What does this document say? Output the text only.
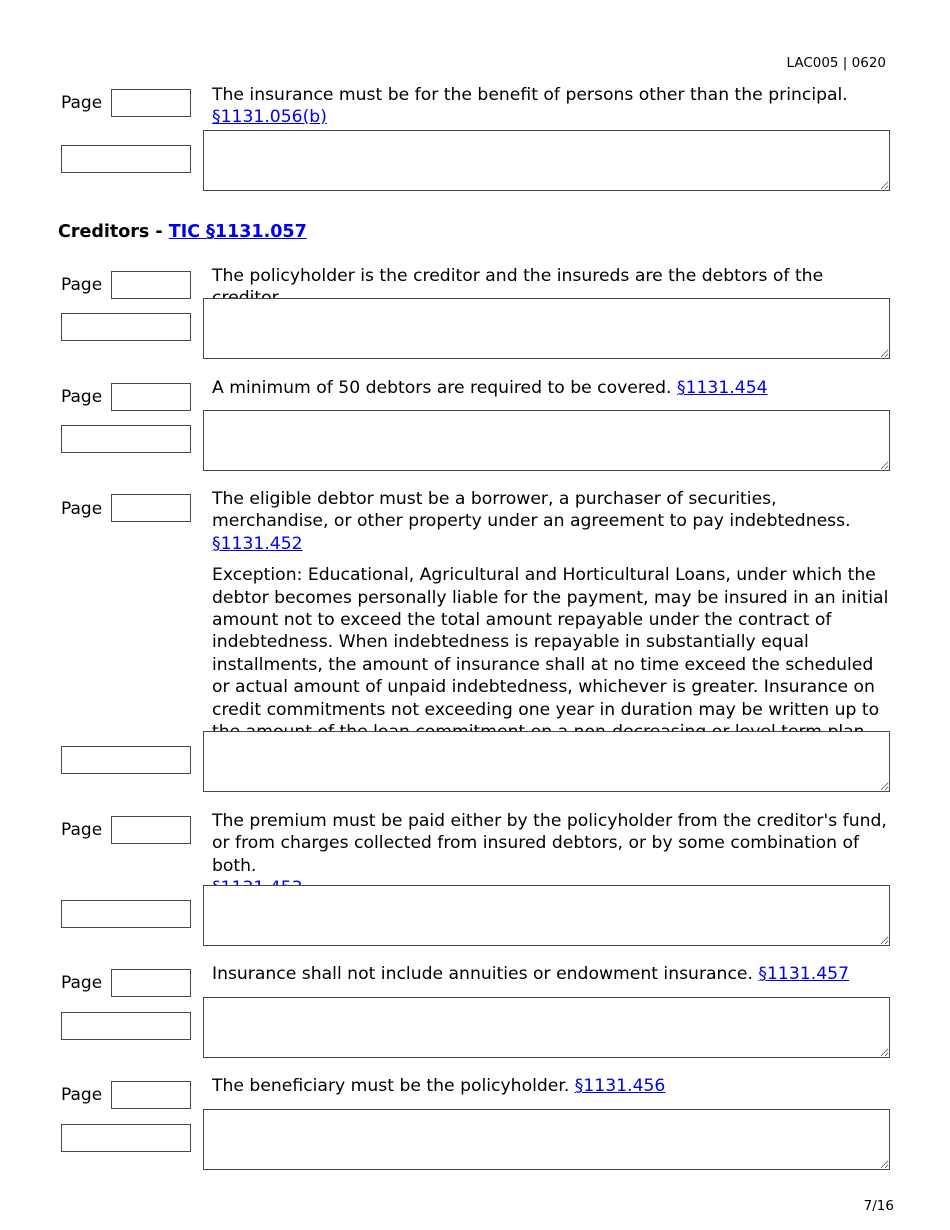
LAC005 | 0620
Page	The insurance must be for the benefit of persons other than the principal.
§1131.056(b)

Creditors - TIC §1131.057
Page	The policyholder is the creditor and the insureds are the debtors of the

Page	A minimum of 50 debtors are required to be covered. §1131.454

Page	The eligible debtor must be a borrower, a purchaser of securities, merchandise, or other property under an agreement to pay indebtedness. §1131.452

Exception: Educational, Agricultural and Horticultural Loans, under which the debtor becomes personally liable for the payment, may be insured in an initial amount not to exceed the total amount repayable under the contract of indebtedness. When indebtedness is repayable in substantially equal installments, the amount of insurance shall at no time exceed the scheduled or actual amount of unpaid indebtedness, whichever is greater. Insurance on credit commitments not exceeding one year in duration may be written up to

Page	The premium must be paid either by the policyholder from the creditor's fund, or from charges collected from insured debtors, or by some combination of both.

Page	Insurance shall not include annuities or endowment insurance. §1131.457

Page	The beneficiary must be the policyholder. §1131.456

7/16
